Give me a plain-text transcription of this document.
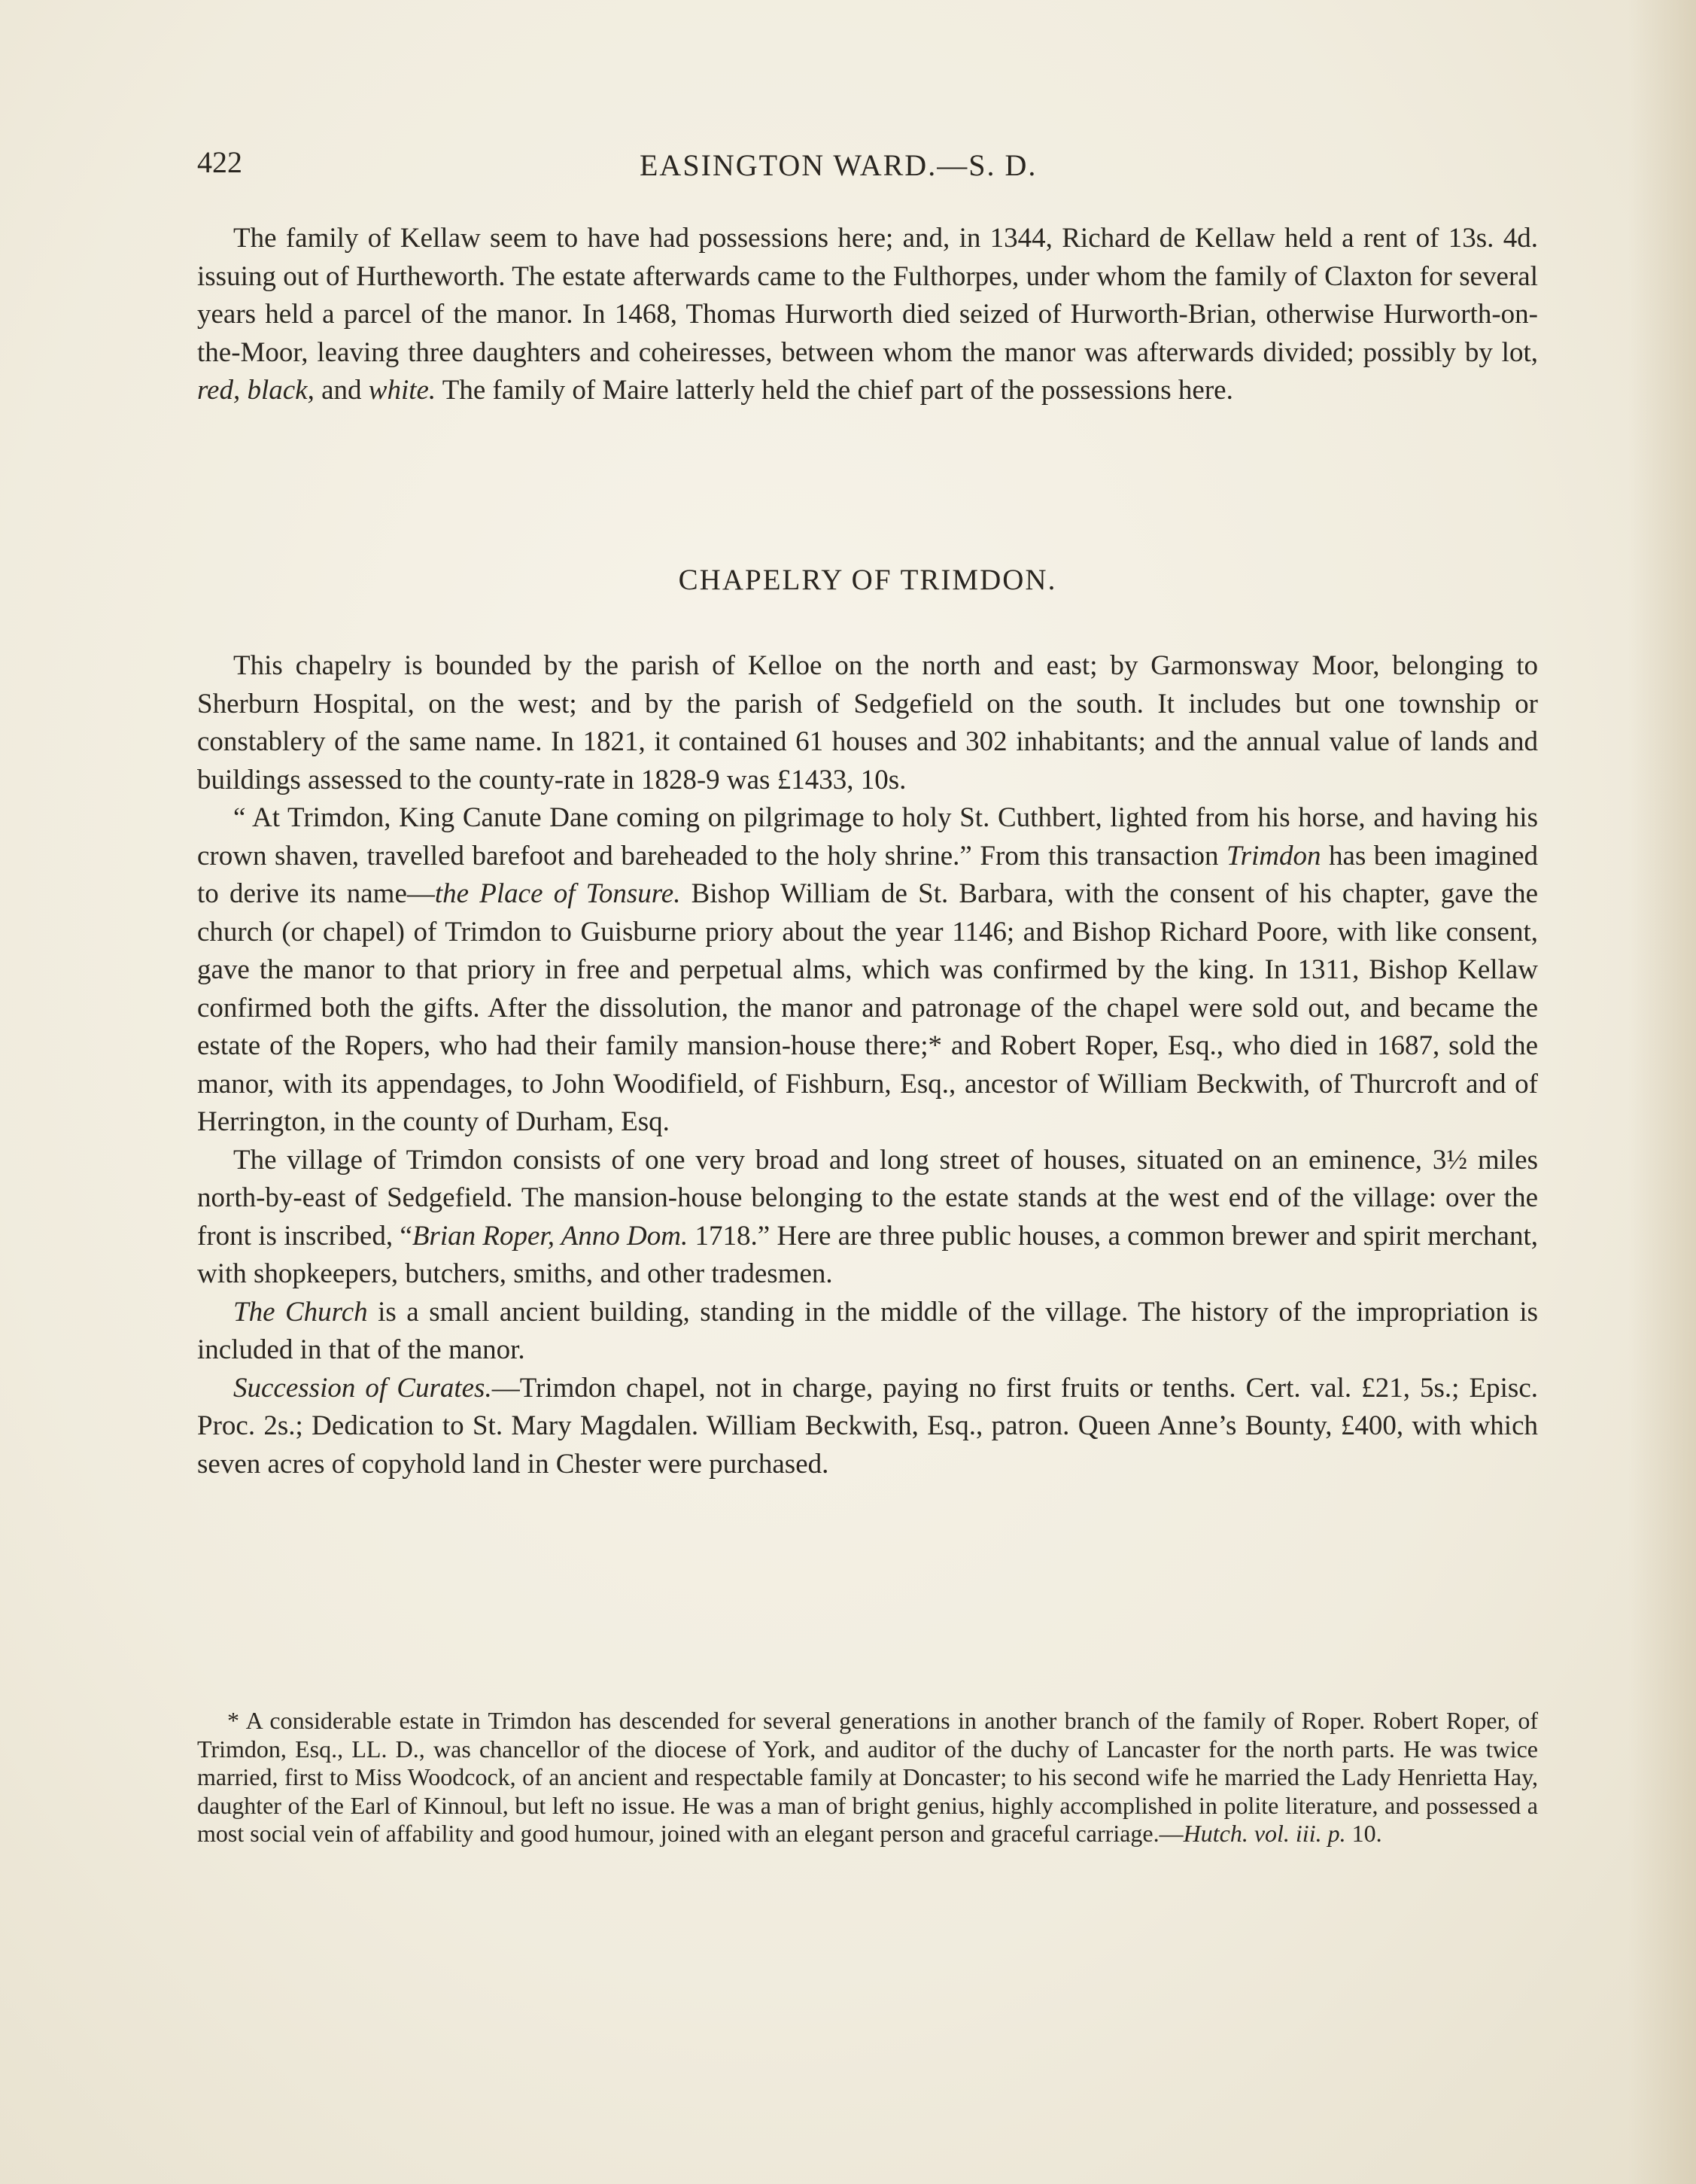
422	EASINGTON WARD.—S. D.

The family of Kellaw seem to have had possessions here; and, in 1344, Richard de Kellaw held a rent of 13s. 4d. issuing out of Hurtheworth. The estate afterwards came to the Fulthorpes, under whom the family of Claxton for several years held a parcel of the manor. In 1468, Thomas Hurworth died seized of Hurworth-Brian, otherwise Hurworth-on-the-Moor, leaving three daughters and coheiresses, between whom the manor was afterwards divided; possibly by lot, red, black, and white. The family of Maire latterly held the chief part of the possessions here.

CHAPELRY OF TRIMDON.

This chapelry is bounded by the parish of Kelloe on the north and east; by Garmonsway Moor, belonging to Sherburn Hospital, on the west; and by the parish of Sedgefield on the south. It includes but one township or constablery of the same name. In 1821, it contained 61 houses and 302 inhabitants; and the annual value of lands and buildings assessed to the county-rate in 1828-9 was £1433, 10s.

“ At Trimdon, King Canute Dane coming on pilgrimage to holy St. Cuthbert, lighted from his horse, and having his crown shaven, travelled barefoot and bareheaded to the holy shrine.” From this transaction Trimdon has been imagined to derive its name—the Place of Tonsure. Bishop William de St. Barbara, with the consent of his chapter, gave the church (or chapel) of Trimdon to Guisburne priory about the year 1146; and Bishop Richard Poore, with like consent, gave the manor to that priory in free and perpetual alms, which was confirmed by the king. In 1311, Bishop Kellaw confirmed both the gifts. After the dissolution, the manor and patronage of the chapel were sold out, and became the estate of the Ropers, who had their family mansion-house there;* and Robert Roper, Esq., who died in 1687, sold the manor, with its appendages, to John Woodifield, of Fishburn, Esq., ancestor of William Beckwith, of Thurcroft and of Herrington, in the county of Durham, Esq.

The village of Trimdon consists of one very broad and long street of houses, situated on an eminence, 3½ miles north-by-east of Sedgefield. The mansion-house belonging to the estate stands at the west end of the village: over the front is inscribed, “Brian Roper, Anno Dom. 1718.” Here are three public houses, a common brewer and spirit merchant, with shopkeepers, butchers, smiths, and other tradesmen.

The Church is a small ancient building, standing in the middle of the village. The history of the impropriation is included in that of the manor.

Succession of Curates.—Trimdon chapel, not in charge, paying no first fruits or tenths. Cert. val. £21, 5s.; Episc. Proc. 2s.; Dedication to St. Mary Magdalen. William Beckwith, Esq., patron. Queen Anne’s Bounty, £400, with which seven acres of copyhold land in Chester were purchased.

* A considerable estate in Trimdon has descended for several generations in another branch of the family of Roper. Robert Roper, of Trimdon, Esq., LL. D., was chancellor of the diocese of York, and auditor of the duchy of Lancaster for the north parts. He was twice married, first to Miss Woodcock, of an ancient and respectable family at Doncaster; to his second wife he married the Lady Henrietta Hay, daughter of the Earl of Kinnoul, but left no issue. He was a man of bright genius, highly accomplished in polite literature, and possessed a most social vein of affability and good humour, joined with an elegant person and graceful carriage.—Hutch. vol. iii. p. 10.
